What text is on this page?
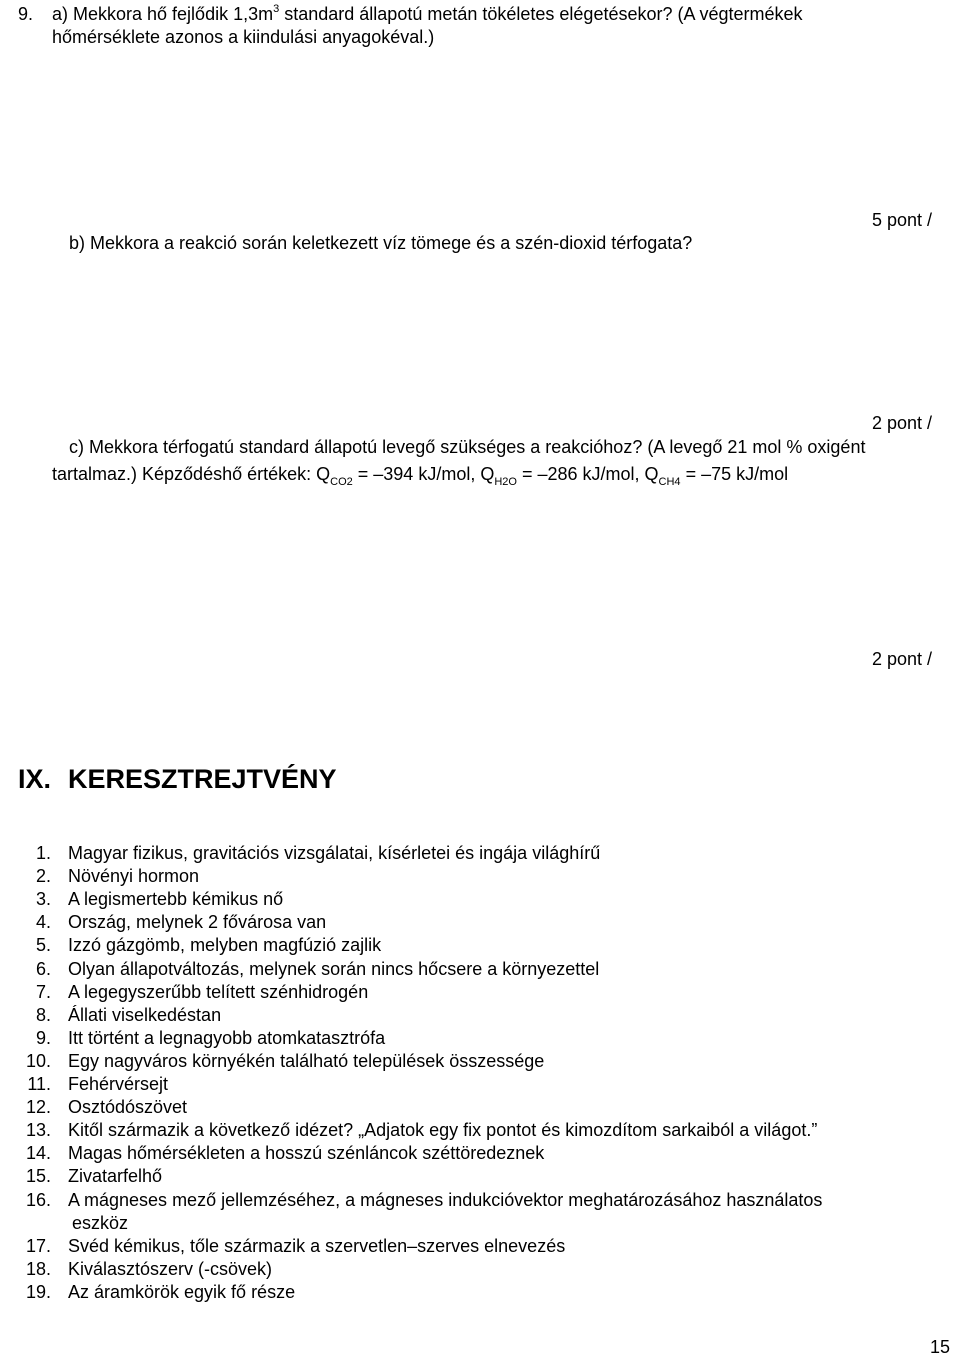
9. a) Mekkora hő fejlődik $1,3m^3$ standard állapotú metán tökéletes elégetésekor? (A végtermékek
hőmérséklete azonos a kiindulási anyagokéval.)
5 pont /
b) Mekkora a reakció során keletkezett víz tömege és a szén-dioxid térfogata?
2 pont /
c) Mekkora térfogatú standard állapotú levegő szükséges a reakcióhoz? (A levegő 21 mol % oxigént
tartalmaz.) Képződéshő értékek: $Q_{CO2} = -394$ kJ/mol, $Q_{H2O} = -286$ kJ/mol, $Q_{CH4} = -75$ kJ/mol
2 pont /
IX. KERESZTREJTVÉNY
1. Magyar fizikus, gravitációs vizsgálatai, kísérletei és ingája világhírű
2. Növényi hormon
3. A legismertebb kémikus nő
4. Ország, melynek 2 fővárosa van
5. Izzó gázgömb, melyben magfúzió zajlik
6. Olyan állapotváltozás, melynek során nincs hőcsere a környezettel
7. A legegyszerűbb telített szénhidrogén
8. Állati viselkedéstan
9. Itt történt a legnagyobb atomkatasztrófa
10. Egy nagyváros környékén található települések összessége
11. Fehérvérsejt
12. Osztódószövet
13. Kitől származik a következő idézet? „Adjatok egy fix pontot és kimozdítom sarkaiból a világot.”
14. Magas hőmérsékleten a hosszú szénláncok széttöredeznek
15. Zivatarfelhő
16. A mágneses mező jellemzéséhez, a mágneses indukcióvektor meghatározásához használatos
eszköz
17. Svéd kémikus, tőle származik a szervetlen–szerves elnevezés
18. Kiválasztószerv (-csövek)
19. Az áramkörök egyik fő része
15
